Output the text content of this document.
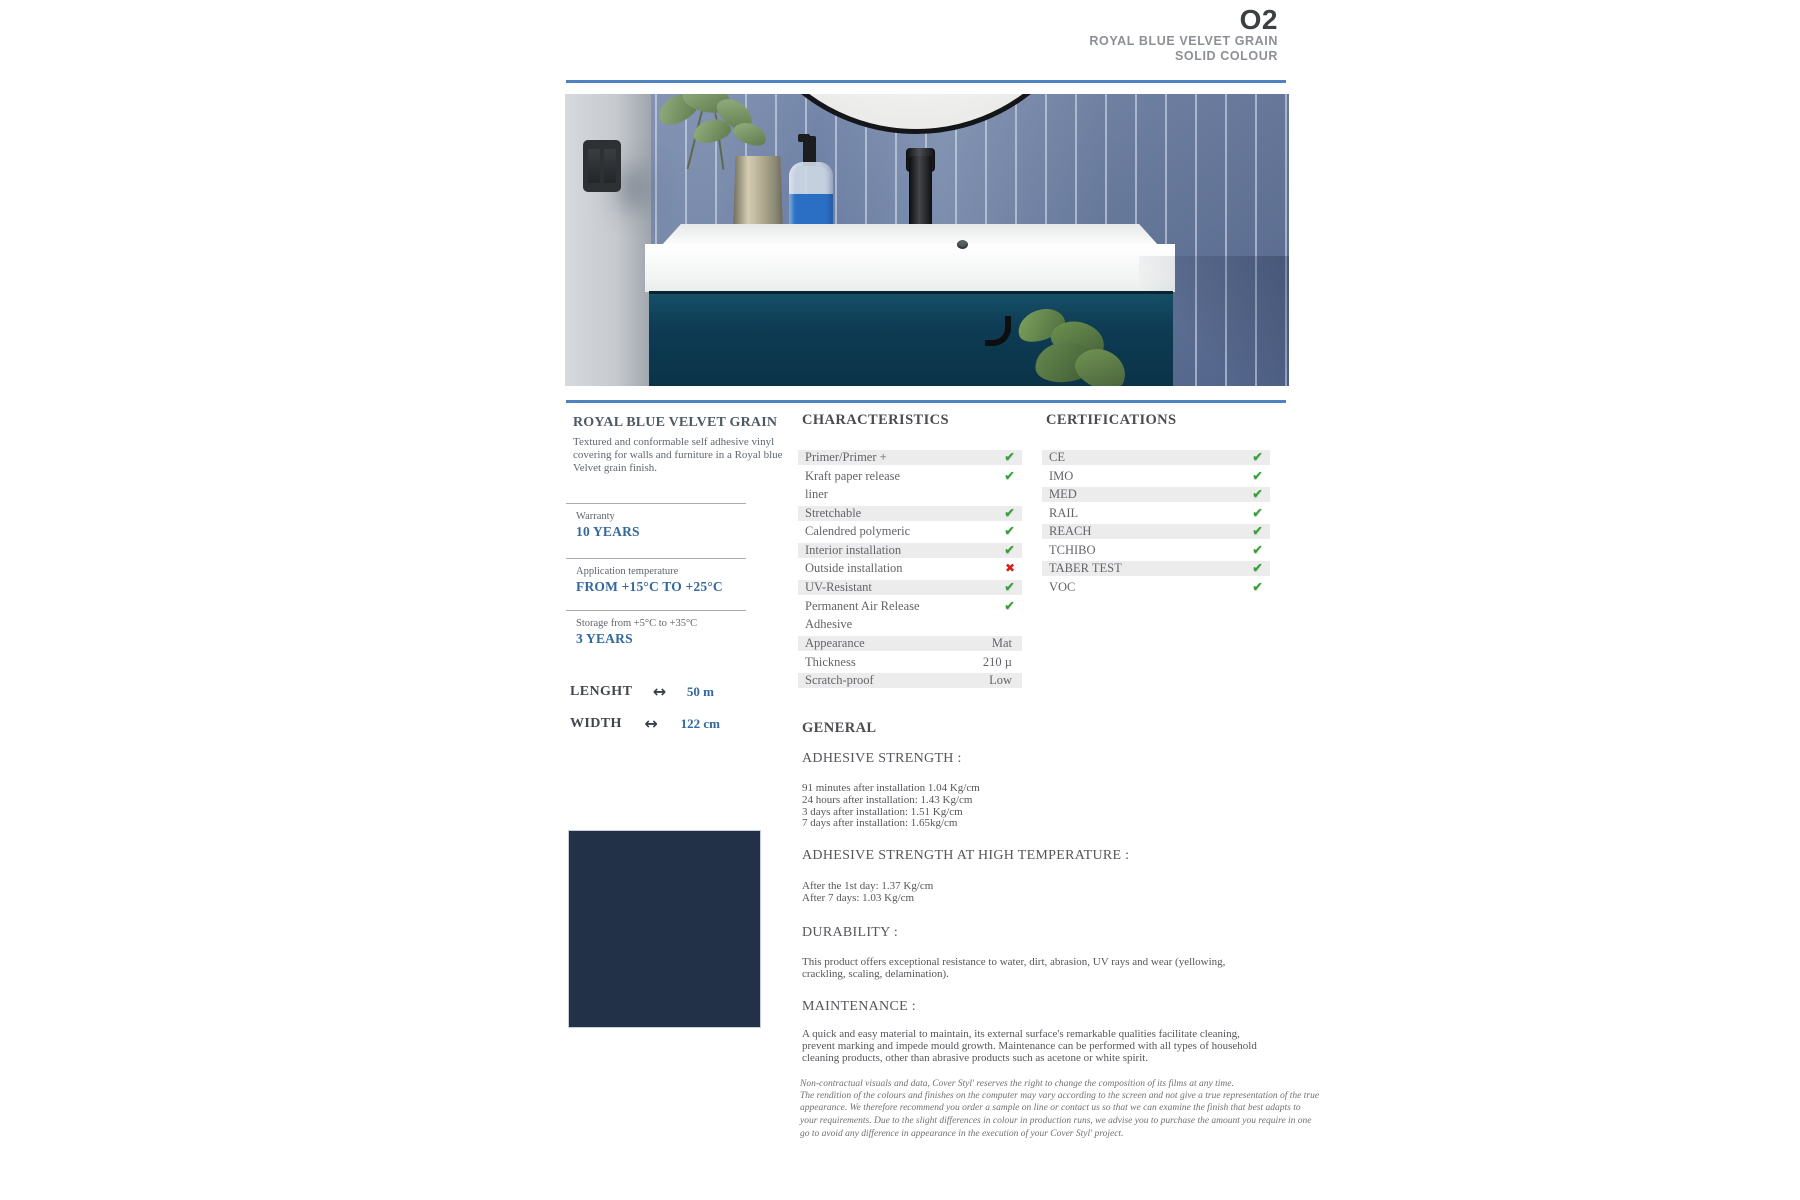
O2
ROYAL BLUE VELVET GRAIN
SOLID COLOUR
ROYAL BLUE VELVET GRAIN
Textured and conformable self adhesive vinyl
covering for walls and furniture in a Royal blue
Velvet grain finish.
Warranty
10 YEARS
Application temperature
FROM +15°C TO +25°C
Storage from +5°C to +35°C
3 YEARS
LENGHT ↔ 50 m
WIDTH ↔ 122 cm
CHARACTERISTICS
Primer/Primer +	✔
Kraft paper release	✔
liner
Stretchable	✔
Calendred polymeric	✔
Interior installation	✔
Outside installation	✖
UV-Resistant	✔
Permanent Air Release	✔
Adhesive
Appearance	Mat
Thickness	210 µ
Scratch-proof	Low
CERTIFICATIONS
CE	✔
IMO	✔
MED	✔
RAIL	✔
REACH	✔
TCHIBO	✔
TABER TEST	✔
VOC	✔
GENERAL
ADHESIVE STRENGTH :
91 minutes after installation 1.04 Kg/cm
24 hours after installation: 1.43 Kg/cm
3 days after installation: 1.51 Kg/cm
7 days after installation: 1.65kg/cm
ADHESIVE STRENGTH AT HIGH TEMPERATURE :
After the 1st day: 1.37 Kg/cm
After 7 days: 1.03 Kg/cm
DURABILITY :
This product offers exceptional resistance to water, dirt, abrasion, UV rays and wear (yellowing,
crackling, scaling, delamination).
MAINTENANCE :
A quick and easy material to maintain, its external surface's remarkable qualities facilitate cleaning,
prevent marking and impede mould growth. Maintenance can be performed with all types of household
cleaning products, other than abrasive products such as acetone or white spirit.
Non-contractual visuals and data, Cover Styl' reserves the right to change the composition of its films at any time.
The rendition of the colours and finishes on the computer may vary according to the screen and not give a true representation of the true
appearance. We therefore recommend you order a sample on line or contact us so that we can examine the finish that best adapts to
your requirements. Due to the slight differences in colour in production runs, we advise you to purchase the amount you require in one
go to avoid any difference in appearance in the execution of your Cover Styl' project.
